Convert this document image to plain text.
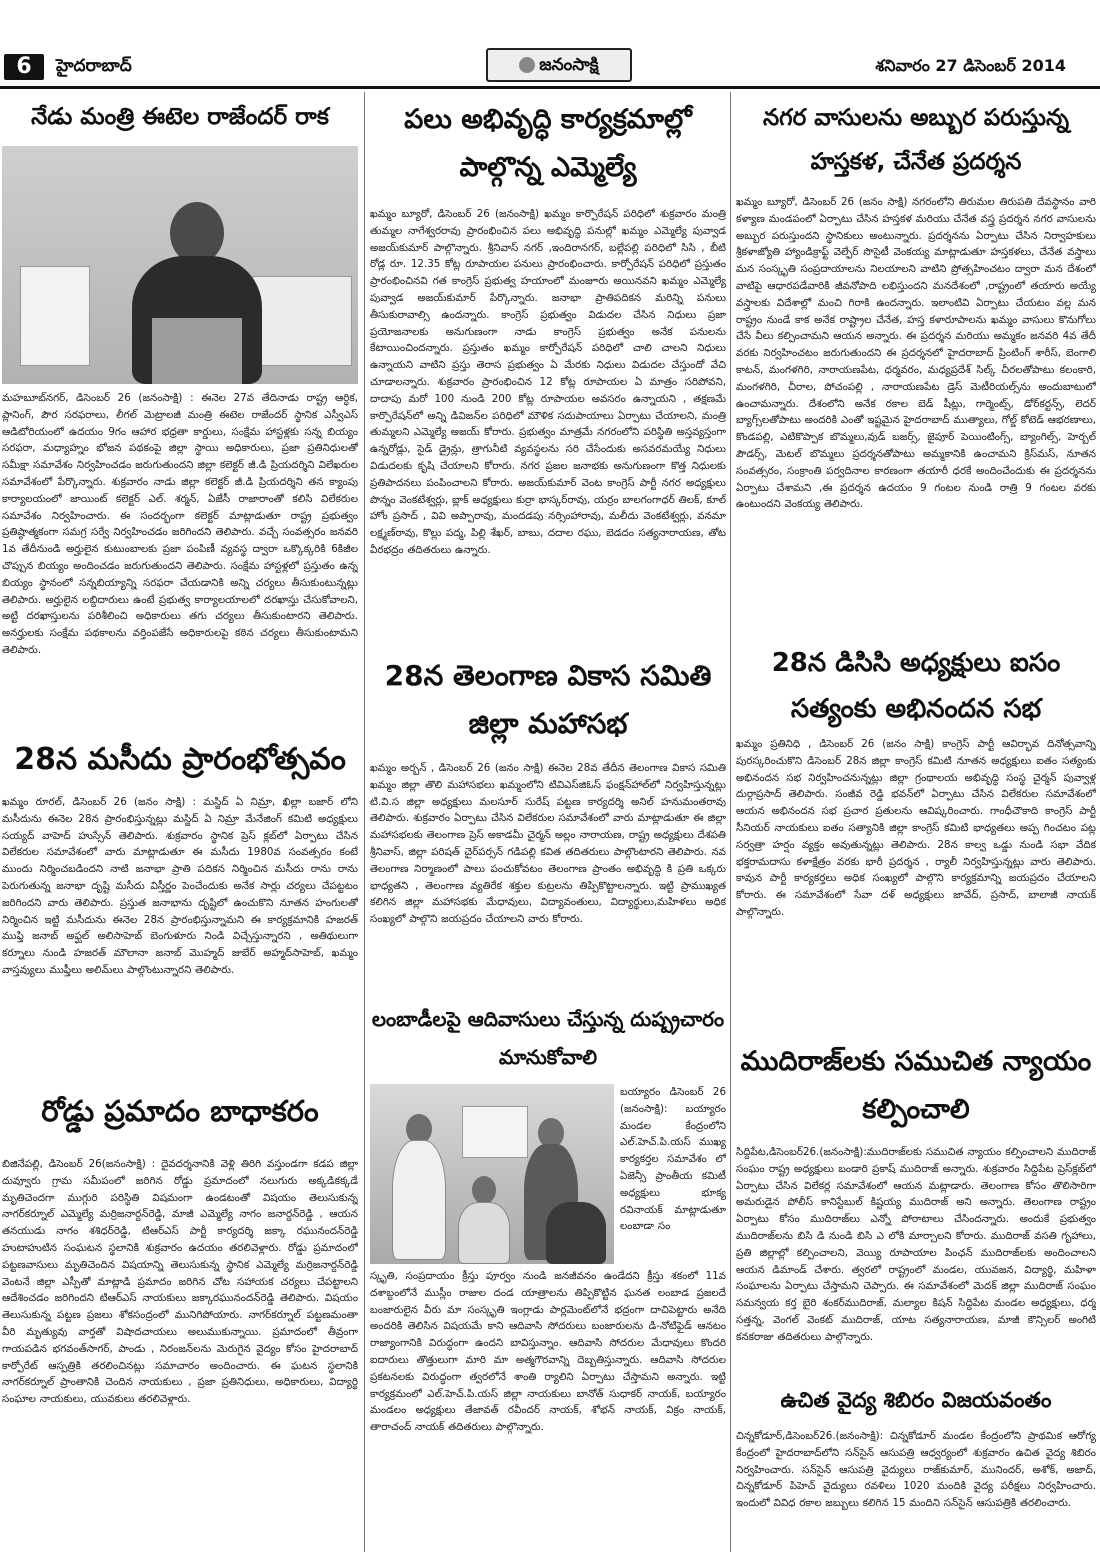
6	హైదరాబాద్	జనంసాక్షి	శనివారం 27 డిసెంబర్ 2014
నేడు మంత్రి ఈటెల రాజేందర్ రాక
మహబూబ్‌నగర్, డిసెంబర్ 26 (జనంసాక్షి) : ఈనెల 27వ తేదినాడు రాష్ట్ర ఆర్ధిక, ప్లానింగ్, పౌర సరఫరాలు, లీగల్ మెట్రాలజీ మంత్రి ఈటెల రాజేందర్ స్థానిక ఎస్వీఎస్ ఆడిటోరియంలో ఉదయం 9గం ఆహార భధ్రతా కార్డులు, సంక్షేమ హాస్టళ్లకు సన్న బియ్యం సరఫరా, మధ్యాహ్నం భోజన పథకంపై జిల్లా స్థాయి అధికారులు, ప్రజా ప్రతినిధులతో సమీక్షా సమావేశం నిర్వహించడం జరుగుతుందని జిల్లా కలెక్టర్ జీ.డి ప్రియదర్శిని విలేఖరుల సమావేశంలో పేర్కొన్నారు. శుక్రవారం నాడు జిల్లా కలెక్టర్ జీ.డి ప్రియదర్శిని తన క్యాంపు కార్యాలయంలో జాయింట్ కలెక్టర్ ఎల్. శర్మన్, ఏజేసీ రాజారాంతో కలిసి విలేకరుల సమావేశం నిర్వహించారు. ఈ సందర్భంగా కలెక్టర్ మాట్లాడుతూ రాష్ట్ర ప్రభుత్వం ప్రతిష్ఠాత్మకంగా సమగ్ర సర్వే నిర్వహించడం జరిగిందని తెలిపారు. వచ్చే సంవత్సరం జనవరి 1వ తేదీనుండి అర్హులైన కుటుంబాలకు ప్రజా పంపిణీ వ్యవస్థ ద్వారా ఒక్కొక్కరికి 6కిజీల చొప్పున బియ్యం అందించడం జరుగుతుందని తెలిపారు. సంక్షేమ హాస్టళ్లలో ప్రస్తుతం ఉన్న బియ్యం స్థానంలో సన్నబియ్యాన్ని సరఫరా చేయడానికి అన్ని చర్యలు తీసుకుంటున్నట్లు తెలిపారు. అర్హులైన లబ్దిదారులు ఉంటే ప్రభుత్వ కార్యాలయాలలో దరఖాస్తు చేసుకోవాలని, అట్టి దరఖాస్తులను పరిశీలించి అధికారులు తగు చర్యలు తీసుకుంటారని తెలిపారు. అనర్హులకు సంక్షేమ పథకాలను వర్తింపజేసే అధికారులపై కఠిన చర్యలు తీసుకుంటామని తెలిపారు.
28న మసీదు ప్రారంభోత్సవం
ఖమ్మం రూరల్, డిసెంబర్ 26 (జనం సాక్షి) : మస్జిద్ ఏ నిమ్రా, ఖిల్లా బజార్ లోని మసీదును ఈనెల 28న ప్రారంభిస్తున్నట్లు మస్జిద్ ఏ నిమ్రా మేనేజింగ్ కమిటి అధ్యక్షులు సయ్యద్ వాహెద్ హుస్సేన్ తెలిపారు. శుక్రవారం స్థానిక ప్రెస్ క్లబ్‌లో ఏర్పాటు చేసిన విలేకరుల సమావేశంలో వారు మాట్లాడుతూ ఈ మసీదు 1980వ సంవత్సరం కంటే ముందు నిర్మించబడిందని నాటి జనాభా ప్రాతి పదికన నిర్మించిన మసీదు రాను రాను పెరుగుతున్న జనాభా దృష్టి మసీదు విస్తీర్ణం పెంచేందుకు అనేక సార్లు చర్యలు చేపట్టటం జరిగిందని వారు తెలిపారు. ప్రస్తుత జనాభాను దృష్టిలో ఉంచుకొని నూతన హంగులతో నిర్మించిన ఇట్టి మసీదును ఈనెల 28న ప్రారంభిస్తున్నామని ఈ కార్యక్రమానికి హజరత్ ముఫ్తి జనాబ్ అఫ్ఘల్ అలిసాహెబ్ బెంగుళూరు నిండి విచ్చేస్తున్నారని , అతిథులుగా కర్నూలు నుండి హజరత్ మౌలానా జనాబ్ మొహ్మద్ జుబేర్ అహ్మద్‌సాహెబ్, ఖమ్మం వాస్తవ్యులు ముఫ్తీలు అలిమ్‌లు పాల్గొంటున్నారని తెలిపారు.
రోడ్డు ప్రమాదం బాధాకరం
బిజినేపల్లి, డిసెంబర్ 26(జనంసాక్షి) : దైవదర్శనానికి వెళ్లి తిరిగి వస్తుండగా కడప జిల్లా దువ్వూరు గ్రామ సమీపంలో జరిగిన రోడ్డు ప్రమాదంలో నలుగురు అక్కడికక్కడే మృతిచెందగా ముగ్గురి పరిస్థితి విషమంగా ఉండటంతో విషయం తెలుసుకున్న నాగర్‌కర్నూల్ ఎమ్మెల్యే మర్రిజనార్దన్‌రెడ్డి, మాజీ ఎమ్మెల్యే నాగం జనార్దన్‌రెడ్డి , ఆయన తనయుడు నాగం శశిధర్‌రెడ్డి, టిఆర్ఎస్ పార్టీ కార్యదర్శి జక్కా రఘునందన్‌రెడ్డి హుటాహుటిన సంఘటన స్థలానికి శుక్రవారం ఉదయం తరలివెళ్లారు. రోడ్డు ప్రమాదంలో పట్టణవాసులు మృతిచెందిన విషయాన్ని తెలుసుకున్న స్థానిక ఎమ్మెల్యే మర్రిజనార్దన్‌రెడ్డి వెంటనే జిల్లా ఎస్పీతో మాట్లాడి ప్రమాదం జరిగిన చోట సహాయక చర్యలు చేపట్టాలని ఆదేశించడం జరిగిందని టిఆర్ఎస్ నాయకులు జక్కారఘునందన్‌రెడ్డి తెలిపారు. విషయం తెలుసుకున్న పట్టణ ప్రజలు శోకసంద్రంలో మునిగిపోయారు. నాగర్‌కర్నూల్ పట్టణమంతా వీరి మృత్యువు వార్తతో విషాదచాయలు అలుముకున్నాయి. ప్రమాదంలో తీవ్రంగా గాయపడిన భగవంత్‌సాగర్, పాండు , నిరంజన్‌లను మెరుగైన వైద్యం కోసం హైదరాబాద్ కార్పోరేట్ ఆస్పత్రికి తరలించినట్లు సమాచారం అందించారు. ఈ ఘటన స్థలానికి నాగర్‌కర్నూల్ ప్రాంతానికి చెందిన నాయకులు , ప్రజా ప్రతినిధులు, అధికారులు, విద్యార్థి సంఘాల నాయకులు, యువకులు తరలివెళ్లారు.
పలు అభివృద్ధి కార్యక్రమాల్లో పాల్గొన్న ఎమ్మెల్యే
ఖమ్మం బ్యూరో, డిసెంబర్ 26 (జనంసాక్షి) ఖమ్మం కార్పొరేషన్ పరిధిలో శుక్రవారం మంత్రి తుమ్మల నాగేశ్వరరావు ప్రారంభించిన పలు అభివృద్ధి పనుల్లో ఖమ్మం ఎమ్మెల్యే పువ్వాడ అజయ్‌కుమార్ పాల్గొన్నారు. శ్రీనివాస్ నగర్ ,ఇందిరానగర్, బల్లేపల్లి పరిధిలో సిసి , బీటి రోడ్ల రూ. 12.35 కోట్ల రూపాయల పనులు ప్రారంభించారు. కార్పోరేషన్ పరిధిలో ప్రస్తుతం ప్రారంభించినవి గత కాంగ్రెస్ ప్రభుత్వ హయాంలో మంజూరు అయినవని ఖమ్మం ఎమ్మెల్యే పువ్వాడ అజయ్‌కుమార్ పేర్కొన్నారు. జనాభా ప్రాతిపదికన మరిన్ని పనులు తీసుకురావాల్సి ఉందన్నారు. కాంగ్రెస్ ప్రభుత్వం విడుదల చేసిన నిధులు ప్రజా ప్రయోజనాలకు అనుగుణంగా నాడు కాంగ్రెస్ ప్రభుత్వం అనేక పనులను కేటాయించిందన్నారు. ప్రస్తుతం ఖమ్మం కార్పోరేషన్ పరిధిలో చాలి చాలని నిధులు ఉన్నాయని వాటిని ప్రస్తు తెరాస ప్రభుత్వం ఏ మేరకు నిధులు విడుదల చేస్తుందో వేచి చూడాలన్నారు. శుక్రవారం ప్రారంభించిన 12 కోట్ల రూపాయల ఏ మాత్రం సరిపోవని, దాదాపు మరో 100 నుండి 200 కోట్ల రూపాయల అవసరం ఉన్నాయని , తక్షణమే కార్పొరేషన్‌లో అన్ని డివిజన్‌ల పరిధిలో మౌళిక సదుపాయాలు ఏర్పాటు చేయాలని, మంత్రి తుమ్మలని ఎమ్మెల్యే అజయ్ కోరారు. ప్రభుత్వం మాత్రమే నగరంలోని పరిస్థితి అస్తవ్యస్తంగా ఉన్నరోడ్లు, సైడ్ డ్రైన్లు, త్రాగునీటి వ్యవస్థలను సరి చేసేందుకు అసవరమయ్యే నిధులు విడుదలకు కృషి చేయాలని కోరారు. నగర ప్రజల జనాభకు అనుగుణంగా కొత్త నిధులకు ప్రతిపాదనలు పంపించాలని కోరారు. అజయ్‌కుమార్ వెంట కాంగ్రెస్ పార్టీ నగర అధ్యక్షులు పొన్నం వెంకటేశ్వర్లు, బ్లాక్ అధ్యక్షులు కుర్రా భాస్కర్‌రావు, యర్రం బాలగంగాధర్ తిలక్, కూల్ హోం ప్రసాద్ , వివి అప్పారావు, మందడపు నర్సింహారావు, మలీదు వెంకటేశ్వర్లు, వనమా లక్ష్మణ్‌రావు, కొల్లు పద్మ, పిల్లి శేఖర్, బాబు, దదాల రఘు, బెడదం సత్యనారాయణ, తోట వీరభద్రం తదితరులు ఉన్నారు.
28న తెలంగాణ వికాస సమితి జిల్లా మహాసభ
ఖమ్మం అర్బన్ , డిసెంబర్ 26 (జనం సాక్షి) ఈనెల 28వ తేదీన తెలంగాణ వికాస సమితి ఖమ్మం జిల్లా తొలి మహాసభలు ఖమ్మంలోని టివిఎస్‌జిఓస్ ఫంక్షన్‌హాల్‌లో నిర్వహిస్తున్నట్లు టి.వి.స జిల్లా అధ్యక్షులు మలసూర్ సురేష్ పట్టణ కార్యదర్శి అనిల్ హనుమంతరావు తెలిపారు. శుక్రవారం ఏర్పాటు చేసిన విలేకరుల సమావేశంలో వారు మాట్లాడుతూ ఈ జిల్లా మహాసభలకు తెలంగాణ ప్రెస్ అకాడమీ చైర్మన్ అల్లం నారాయణ, రాష్ట్ర అధ్యక్షులు దేశపతి శ్రీనివాస్, జిల్లా పరిషత్ చైర్‌పర్సన్ గడిపల్లి కవిత తదితరులు పాల్గొంటారని తెలిపారు. నవ తెలంగాణ నిర్మాణంలో పాలు పంచుకోవటం తెలంగాణ ప్రాంతం అభివృద్ధి కి ప్రతి ఒక్కరు భాధ్యతని , తెలంగాణ వ్యతిరేక శక్తుల కుట్రలను తిప్పికొట్టాలన్నారు. ఇట్టి ప్రాముఖ్యత కలిగిన జిల్లా మహాసభకు మేధావులు, విద్యావంతులు, విద్యార్థులు,మహిళలు అధిక సంఖ్యలో పాల్గొని జయప్రదం చేయాలని వారు కోరారు.
లంబాడీలపై ఆదివాసులు చేస్తున్న దుష్ప్రచారం మానుకోవాలి
బయ్యారం డిసెంబర్ 26 (జనంసాక్షి): బయ్యారం మండల కేంద్రంలోని ఎల్.హెచ్.పి.యస్ ముఖ్య కార్యకర్తల సమావేశం లో ఏజెన్సీ ప్రాంతీయ కమిటీ అధ్యక్షులు భూక్య రవినాయక్ మాట్లాడుతూ లంబాడా సం
స్కృతి, సంప్రదాయం క్రీస్తు పూర్వం నుండి జనజీవనం ఉండేదని క్రీస్తు శకంలో 11వ దశాబ్దంలోనే ముస్లీం రాజుల దండ యాత్రాలను తిప్పికొట్టిన ఘనత లంబాడ ప్రజలదే బంజారులైన వీరు మా సంస్కృతి ఇంగ్లాడు పార్లమెంట్‌లోనే భద్రంగా దాచిపెట్టారు అనేది అందరికి తెలిసిన విషయమే కాని ఆదివాసి సోదరులు బంజారులను డి-నోటిఫైడ్ ఆనటం రాజ్యాంగానికి విరుద్ధంగా ఉందని బావిస్తున్నాం. ఆదివాసి సోదరుల మేధావులు కొందరి ఐదారులు తొత్తులుగా మారి మా అత్మగౌరవాన్ని దెబ్బతిస్తున్నారు. ఆదివాసి సోదరుల ప్రకటనలకు విరుద్ధంగా త్వరలోనే శాంతి ర్యాలిని ఏర్పాటు చేస్తామని అన్నారు. ఇట్టి కార్యక్రమంలో ఎల్.హెచ్.పి.యస్ జిల్లా నాయకులు బానోత్ సుధాకర్ నాయక్, బయ్యారం మండలం అధ్యక్షులు తేజావత్ రవీందర్ నాయక్, శోభన్ నాయక్, విక్రం నాయక్, తారాచంద్ నాయక్ తదితరులు పాల్గొన్నారు.
నగర వాసులను అబ్బుర పరుస్తున్న హస్తకళ, చేనేత ప్రదర్శన
ఖమ్మం బ్యూరో, డిసెంబర్ 26 (జనం సాక్షి) నగరంలోని తిరుమల తిరుపతి దేవస్థానం వారి కళ్యాణ మండపంలో ఏర్పాటు చేసిన హస్తకళ మరియు చేనేత వస్త్ర ప్రదర్శన నగర వాసులను అబ్బుర పరుస్తుందని స్థానికులు అంటున్నారు. ప్రదర్శనను ఏర్పాటు చేసిన నిర్వాహకులు శ్రీకళాజ్యోతి హ్యాండిక్రాఫ్ట్ వెల్ఫేర్ సొసైటీ వెంకయ్య మాట్లాడుతూ హస్తకళలు, చేనేత వస్త్రాలు మన సంస్కృతి సంప్రదాయాలను నిలయాలని వాటిని ప్రోత్సహించటం ద్వారా మన దేశంలో వాటిపై ఆధారపడేవారికి జీవనోపాది లభిస్తుందని మనదేశంలో ,రాష్ట్రంలో తయారు అయ్యే వస్త్రాలకు విదేశాల్లో మంచి గిరాకి ఉందన్నారు. ఇలాంటివి ఏర్పాటు చేయటం వల్ల మన రాష్ట్రం నుండే కాక అనేక రాష్ట్రాల చేనేత, హస్త కళారూపాలను ఖమ్మం వాసులు కొనుగోలు చేసే వీలు కల్పించామని ఆయన అన్నారు. ఈ ప్రదర్శన మరియు అమ్మకం జనవరి 4వ తేదీ వరకు నిర్వహించటం జరుగుతుందని ఈ ప్రదర్శనలో హైదరాబాద్ ప్రింటింగ్ శారీస్, బెంగాలి కాటన్, మంగళగిరి, నారాయణపేట, ధర్మవరం, మధ్యప్రదేశ్ సిల్క్ చీరలతోపాటు కలంకారి, మంగళగిరి, చీరాల, పోచంపల్లి , నారాయణపేట డ్రెస్ మెటీరియల్స్‌ను అందుబాటులో ఉంచామన్నారు. దేశంలోని అనేక రకాల బెడ్ షీట్లు, గార్మెంట్స్, డోర్‌కర్టన్స్, లెదర్ బ్యాగ్స్‌లతోపాటు అందరికి ఎంతో ఇష్టమైన హైదరాబాద్ ముత్యాలు, గోల్డ్ కోటెడ్ ఆభరణాలు, కొండపల్లి, ఎటికొప్పాక బొమ్మలు,వుడ్ బజర్స్, జైపూర్ పెయింటింగ్స్, బ్యాంగిల్స్, హెర్బల్ పౌడర్స్, మెటల్ బొమ్మలు ప్రదర్శనతోపాటు అమ్మకానికి ఉంచామని క్రిస్‌మస్, నూతన సంవత్సరం, సంక్రాంతి పర్వదినాల కారణంగా తయారీ ధరకే అందించేందుకు ఈ ప్రదర్శనను ఏర్పాటు చేశామని ,ఈ ప్రదర్శన ఉదయం 9 గంటల నుండి రాత్రి 9 గంటల వరకు ఉంటుందని వెంకయ్య తెలిపారు.
28న డిసిసి అధ్యక్షులు ఐసం సత్యంకు అభినందన సభ
ఖమ్మం ప్రతినిధి , డిసెంబర్ 26 (జనం సాక్షి) కాంగ్రెస్ పార్టీ ఆవిర్భావ దినోత్సవాన్ని పురస్కరించుకొని డిసెంబర్ 28న జిల్లా కాంగ్రెస్ కమిటి నూతన అధ్యక్షులు ఐతం సత్యంకు అభినందన సభ నిర్వహించనున్నట్లు జిల్లా గ్రంథాలయ అభివృద్ధి సంస్థ చైర్మన్ పువ్వాళ్ల దుర్గాప్రసాద్ తెలిపారు. సంజీవ రెడ్డి భవన్‌లో ఏర్పాటు చేసిన విలేకరుల సమావేశంలో ఆయన అభినందన సభ ప్రచార ప్రతులను ఆవిష్కరించారు. గాంధీచౌకాది కాంగ్రెస్ పార్టీ సీనియర్ నాయకులు ఐతం సత్యానికి జిల్లా కాంగ్రెస్ కమిటి భాధ్యతలు అప్ప గించటం పట్ల సర్వత్రా హర్షం వ్యక్తం అవుతున్నట్లు తెలిపారు. 28న కాల్వ ఒడ్డు నుండి సభా వేదిక భక్తరామదాసు కళాక్షేత్రం వరకు భారీ ప్రదర్శన , ర్యాలీ నిర్వహిస్తున్నట్లు వారు తెలిపారు. కావున పార్టీ కార్యకర్తలు అధిక సంఖ్యలో పాల్గొని కార్యక్రమాన్ని జయప్రదం చేయాలని కోరారు. ఈ సమావేశంలో సేవా దళ్ అధ్యక్షులు జావేద్, ప్రసాద్, బాలాజీ నాయక్ పాల్గొన్నారు.
ముదిరాజ్‌లకు సముచిత న్యాయం కల్పించాలి
సిద్దిపేట,డిసెంబర్26.(జనంసాక్షి):ముదిరాజ్‌లకు సముచిత న్యాయం కల్పించాలని ముదిరాజ్ సంఘం రాష్ట్ర అధ్యక్షులు బండారి ప్రకాష్ ముదిరాజ్ అన్నారు. శుక్రవారం సిద్దిపేట ప్రెస్‌క్లబ్‌లో ఏర్పాటు చేసిన విలేకర్ల సమావేశంలో ఆయన మట్లాడారు. తెలంగాణ కోసం తొలిసారిగా అమరుడైన పోలీస్ కానిస్టేబుల్ కిష్టయ్య ముదిరాజ్ అని అన్నారు. తెలంగాణ రాష్ట్రం ఏర్పాటు కోసం ముదిరాజ్‌లు ఎన్నో పోరాటాలు చేసిందన్నారు. అందుకే ప్రభుత్వం ముదిరాజ్‌లను బిసి డి నుండి బిసి ఎ లోకి మార్చాలని కోరారు. ముదిరాజ్ వసతి గృహాలు, ప్రతి జిల్లాల్లో కల్పించాలని, వెయ్యి రూపాయాల పింఛన్ ముదిరాజ్‌లకు అందించాలని ఆయన డిమాండ్ చేశారు. త్వరలో రాష్ట్రంలో మండల, యువజన, విద్యార్థి, మహిళా సంఘాలను ఏర్పాటు చేస్తామని చెప్పారు. ఈ సమావేశంలో మెదక్ జిల్లా ముదిరాజ్ సంఘం సమన్వయ కర్త బైరి శంకర్‌ముదిరాజ్, మల్యాల కిషన్ సిద్దిపేట మండల అధ్యక్షులు, ధర్మ సత్తన్న, వెంగల్ వెంకట్ ముదిరాజ్, యాట సత్యనారాయణ, మాజీ కౌన్సిలర్ అంగిటి కనకరాజు తదితరులు పాల్గొన్నారు.
ఉచిత వైద్య శిబిరం విజయవంతం
చిన్నకోడూర్,డిసెంబర్26.(జనంసాక్షి): చిన్నకోడూర్ మండల కేంద్రంలోని ప్రాథమిక ఆరోగ్య కేంద్రంలో హైదరాబాద్‌లోని సన్‌సైన్ ఆసుపత్రి ఆధ్వర్యంలో శుక్రవారం ఉచిత వైద్య శిబిరం నిర్వహించారు. సన్‌సైన్ ఆసుపత్రి వైద్యులు రాజ్‌కుమార్, మునిందర్, అశోక్, అజాద్, చిన్నకోడూర్ పిహెచ్ వైద్యులు రవళిలు 1020 మందికి వైద్య పరీక్షలు నిర్వహించారు. ఇందులో వివిధ రకాల జబ్బులు కలిగిన 15 మందిని సన్‌సైన్ ఆసుపత్రికి తరలించారు.
